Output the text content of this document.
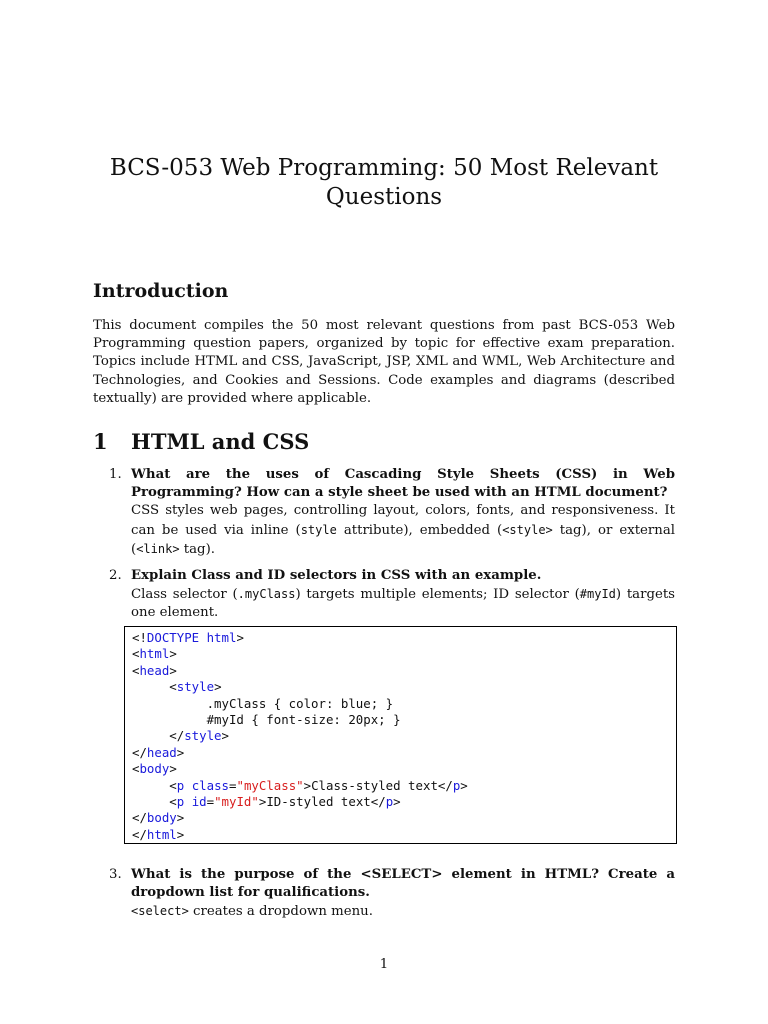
BCS-053 Web Programming: 50 Most Relevant Questions
Introduction

This document compiles the 50 most relevant questions from past BCS-053 Web Programming question papers, organized by topic for effective exam preparation. Topics include HTML and CSS, JavaScript, JSP, XML and WML, Web Architecture and Technologies, and Cookies and Sessions. Code examples and diagrams (described textually) are provided where applicable.

1 HTML and CSS
1. What are the uses of Cascading Style Sheets (CSS) in Web Programming? How can a style sheet be used with an HTML document?
CSS styles web pages, controlling layout, colors, fonts, and responsiveness. It can be used via inline (style attribute), embedded (<style> tag), or external (<link> tag).
2. Explain Class and ID selectors in CSS with an example.
Class selector (.myClass) targets multiple elements; ID selector (#myId) targets one element.
3. What is the purpose of the <SELECT> element in HTML? Create a dropdown list for qualifications.
<select> creates a dropdown menu.
<!DOCTYPE html>
<html>
<head>
<style>
.myClass { color: blue; }
#myId { font-size: 20px; }
</style>
</head>
<body>
<p class="myClass">Class-styled text</p>
<p id="myId">ID-styled text</p>
</body>
</html>
1
